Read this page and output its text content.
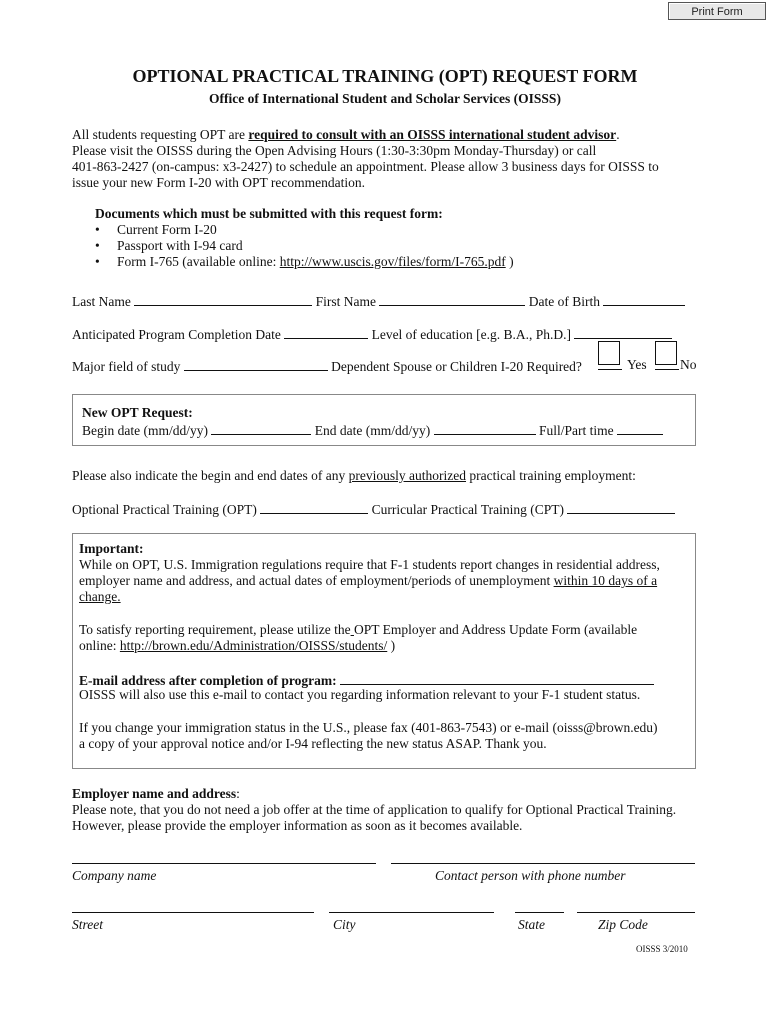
Print Form
OPTIONAL PRACTICAL TRAINING (OPT) REQUEST FORM
Office of International Student and Scholar Services (OISSS)
All students requesting OPT are required to consult with an OISSS international student advisor.
Please visit the OISSS during the Open Advising Hours (1:30-3:30pm Monday-Thursday) or call
401-863-2427 (on-campus: x3-2427) to schedule an appointment. Please allow 3 business days for OISSS to
issue your new Form I-20 with OPT recommendation.
Documents which must be submitted with this request form:
• Current Form I-20
• Passport with I-94 card
• Form I-765 (available online: http://www.uscis.gov/files/form/I-765.pdf )
Last Name	First Name	Date of Birth
Anticipated Program Completion Date	Level of education [e.g. B.A., Ph.D.]
Major field of study	Dependent Spouse or Children I-20 Required?	Yes No
New OPT Request:
Begin date (mm/dd/yy)	End date (mm/dd/yy)	Full/Part time
Please also indicate the begin and end dates of any previously authorized practical training employment:
Optional Practical Training (OPT)	Curricular Practical Training (CPT)
Important:
While on OPT, U.S. Immigration regulations require that F-1 students report changes in residential address,
employer name and address, and actual dates of employment/periods of unemployment within 10 days of a
change.
To satisfy reporting requirement, please utilize the OPT Employer and Address Update Form (available
online: http://brown.edu/Administration/OISSS/students/ )
E-mail address after completion of program:
OISSS will also use this e-mail to contact you regarding information relevant to your F-1 student status.
If you change your immigration status in the U.S., please fax (401-863-7543) or e-mail (oisss@brown.edu)
a copy of your approval notice and/or I-94 reflecting the new status ASAP. Thank you.
Employer name and address:
Please note, that you do not need a job offer at the time of application to qualify for Optional Practical Training.
However, please provide the employer information as soon as it becomes available.
Company name	Contact person with phone number
Street	City	State	Zip Code
OISSS 3/2010
